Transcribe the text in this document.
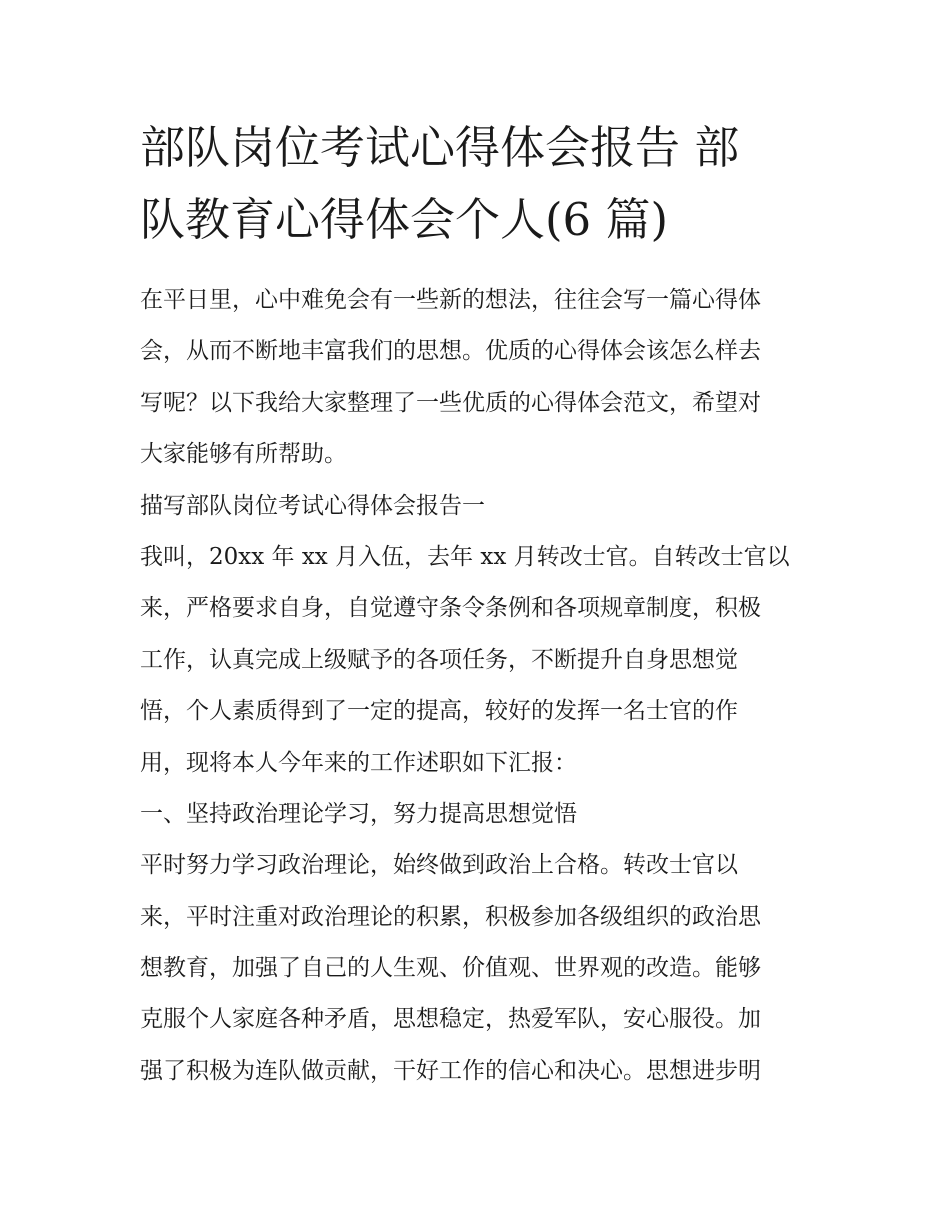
部队岗位考试心得体会报告 部
队教育心得体会个人(6 篇)
在平日里，心中难免会有一些新的想法，往往会写一篇心得体
会，从而不断地丰富我们的思想。优质的心得体会该怎么样去
写呢？以下我给大家整理了一些优质的心得体会范文，希望对
大家能够有所帮助。
描写部队岗位考试心得体会报告一
我叫，20xx 年 xx 月入伍，去年 xx 月转改士官。自转改士官以
来，严格要求自身，自觉遵守条令条例和各项规章制度，积极
工作，认真完成上级赋予的各项任务，不断提升自身思想觉
悟，个人素质得到了一定的提高，较好的发挥一名士官的作
用，现将本人今年来的工作述职如下汇报：
一、坚持政治理论学习，努力提高思想觉悟
平时努力学习政治理论，始终做到政治上合格。转改士官以
来，平时注重对政治理论的积累，积极参加各级组织的政治思
想教育，加强了自己的人生观、价值观、世界观的改造。能够
克服个人家庭各种矛盾，思想稳定，热爱军队，安心服役。加
强了积极为连队做贡献，干好工作的信心和决心。思想进步明
